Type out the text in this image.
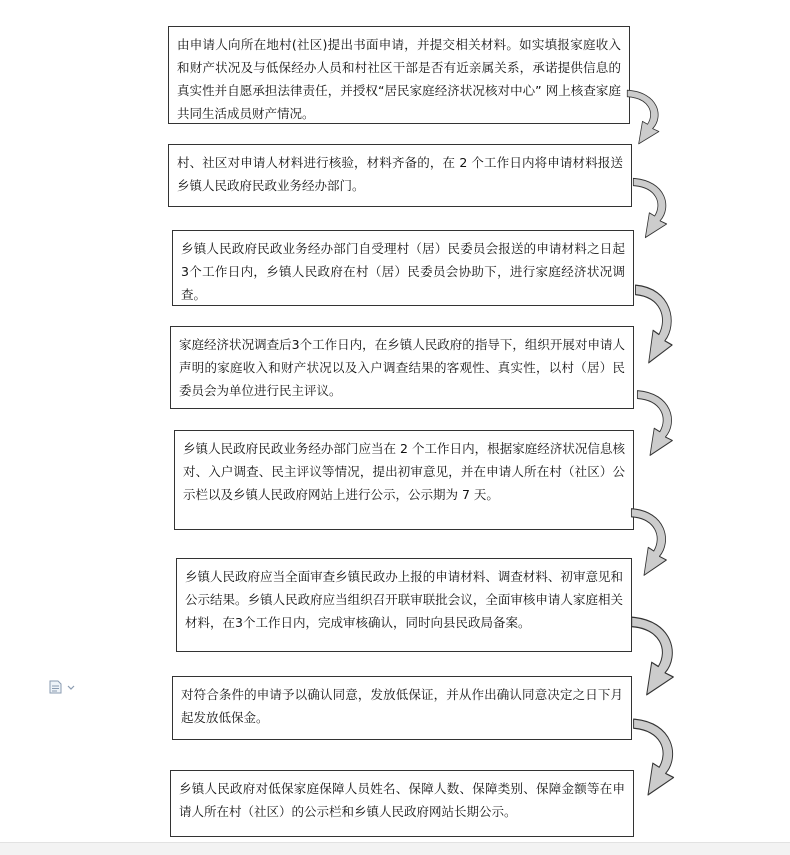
由申请人向所在地村(社区)提出书面申请，并提交相关材料。如实填报家庭收入和财产状况及与低保经办人员和村社区干部是否有近亲属关系，承诺提供信息的真实性并自愿承担法律责任，并授权“居民家庭经济状况核对中心” 网上核查家庭共同生活成员财产情况。
村、社区对申请人材料进行核验，材料齐备的，在 2 个工作日内将申请材料报送乡镇人民政府民政业务经办部门。
乡镇人民政府民政业务经办部门自受理村（居）民委员会报送的申请材料之日起 3个工作日内，乡镇人民政府在村（居）民委员会协助下，进行家庭经济状况调查。
家庭经济状况调查后3个工作日内，在乡镇人民政府的指导下，组织开展对申请人声明的家庭收入和财产状况以及入户调查结果的客观性、真实性，以村（居）民委员会为单位进行民主评议。
乡镇人民政府民政业务经办部门应当在 2 个工作日内，根据家庭经济状况信息核对、入户调查、民主评议等情况，提出初审意见，并在申请人所在村（社区）公示栏以及乡镇人民政府网站上进行公示，公示期为 7 天。
乡镇人民政府应当全面审查乡镇民政办上报的申请材料、调查材料、初审意见和公示结果。乡镇人民政府应当组织召开联审联批会议，全面审核申请人家庭相关材料，在3个工作日内，完成审核确认，同时向县民政局备案。
对符合条件的申请予以确认同意，发放低保证，并从作出确认同意决定之日下月起发放低保金。
乡镇人民政府对低保家庭保障人员姓名、保障人数、保障类别、保障金额等在申请人所在村（社区）的公示栏和乡镇人民政府网站长期公示。
